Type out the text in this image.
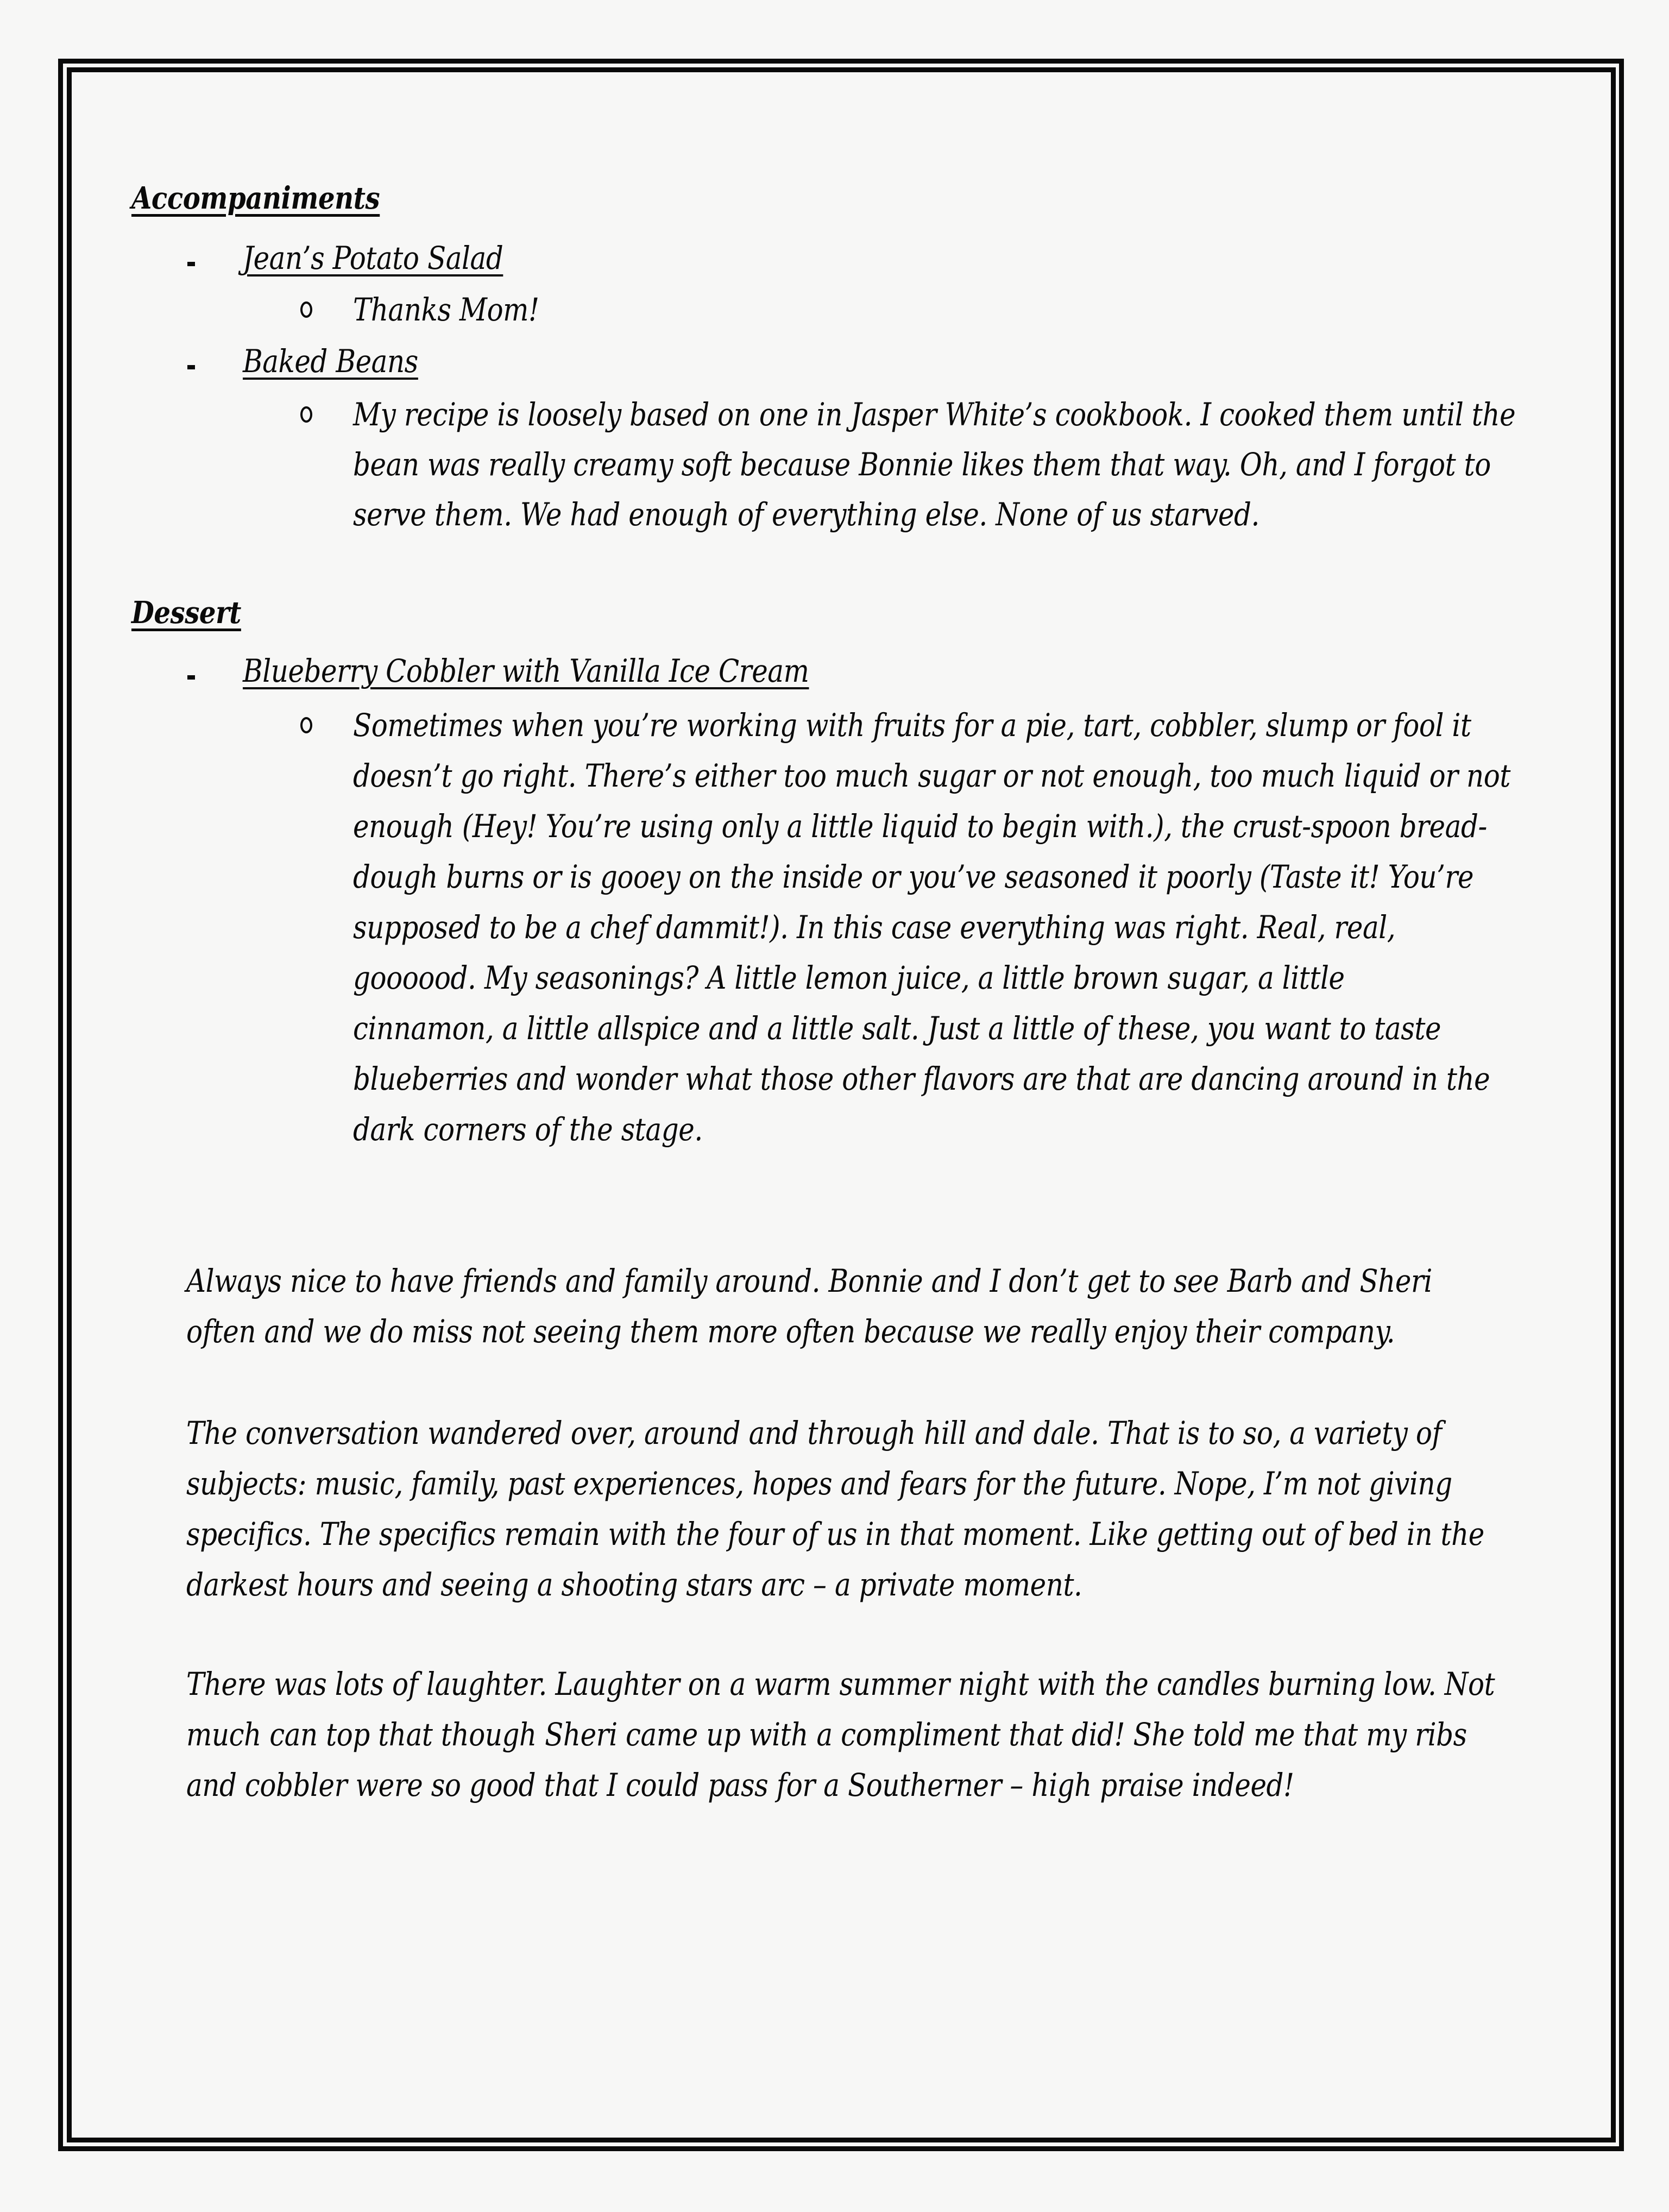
Accompaniments
Jean’s Potato Salad
Thanks Mom!
Baked Beans
My recipe is loosely based on one in Jasper White’s cookbook. I cooked them until the
bean was really creamy soft because Bonnie likes them that way. Oh, and I forgot to
serve them. We had enough of everything else. None of us starved.
Dessert
Blueberry Cobbler with Vanilla Ice Cream
Sometimes when you’re working with fruits for a pie, tart, cobbler, slump or fool it
doesn’t go right. There’s either too much sugar or not enough, too much liquid or not
enough (Hey! You’re using only a little liquid to begin with.), the crust-spoon bread-
dough burns or is gooey on the inside or you’ve seasoned it poorly (Taste it! You’re
supposed to be a chef dammit!). In this case everything was right. Real, real,
goooood. My seasonings? A little lemon juice, a little brown sugar, a little
cinnamon, a little allspice and a little salt. Just a little of these, you want to taste
blueberries and wonder what those other flavors are that are dancing around in the
dark corners of the stage.
Always nice to have friends and family around. Bonnie and I don’t get to see Barb and Sheri
often and we do miss not seeing them more often because we really enjoy their company.
The conversation wandered over, around and through hill and dale. That is to so, a variety of
subjects: music, family, past experiences, hopes and fears for the future. Nope, I’m not giving
specifics. The specifics remain with the four of us in that moment. Like getting out of bed in the
darkest hours and seeing a shooting stars arc – a private moment.
There was lots of laughter. Laughter on a warm summer night with the candles burning low. Not
much can top that though Sheri came up with a compliment that did! She told me that my ribs
and cobbler were so good that I could pass for a Southerner – high praise indeed!
